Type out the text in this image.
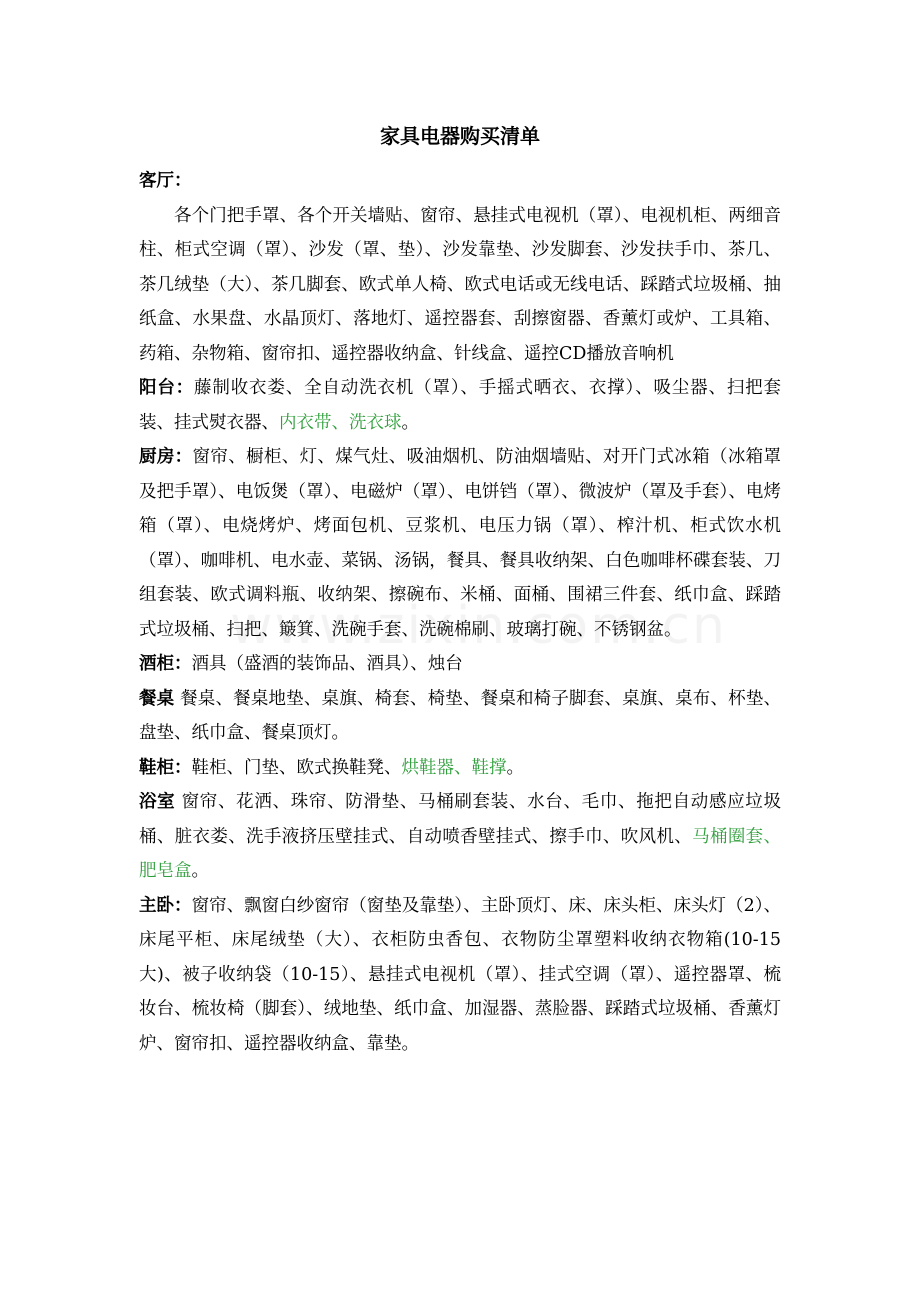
家具电器购买清单

客厅：

各个门把手罩、各个开关墙贴、窗帘、悬挂式电视机（罩）、电视机柜、两细音柱、柜式空调（罩）、沙发（罩、垫）、沙发靠垫、沙发脚套、沙发扶手巾、茶几、茶几绒垫（大）、茶几脚套、欧式单人椅、欧式电话或无线电话、踩踏式垃圾桶、抽纸盒、水果盘、水晶顶灯、落地灯、遥控器套、刮擦窗器、香薰灯或炉、工具箱、药箱、杂物箱、窗帘扣、遥控器收纳盒、针线盒、遥控CD播放音响机

阳台：藤制收衣娄、全自动洗衣机（罩）、手摇式晒衣、衣撑）、吸尘器、扫把套装、挂式熨衣器、内衣带、洗衣球。

厨房：窗帘、橱柜、灯、煤气灶、吸油烟机、防油烟墙贴、对开门式冰箱（冰箱罩及把手罩）、电饭煲（罩）、电磁炉（罩）、电饼铛（罩）、微波炉（罩及手套）、电烤箱（罩）、电烧烤炉、烤面包机、豆浆机、电压力锅（罩）、榨汁机、柜式饮水机（罩）、咖啡机、电水壶、菜锅、汤锅，餐具、餐具收纳架、白色咖啡杯碟套装、刀组套装、欧式调料瓶、收纳架、擦碗布、米桶、面桶、围裙三件套、纸巾盒、踩踏式垃圾桶、扫把、簸箕、洗碗手套、洗碗棉刷、玻璃打碗、不锈钢盆。

酒柜：酒具（盛酒的装饰品、酒具）、烛台

餐桌 餐桌、餐桌地垫、桌旗、椅套、椅垫、餐桌和椅子脚套、桌旗、桌布、杯垫、盘垫、纸巾盒、餐桌顶灯。

鞋柜：鞋柜、门垫、欧式换鞋凳、烘鞋器、鞋撑。

浴室 窗帘、花洒、珠帘、防滑垫、马桶刷套装、水台、毛巾、拖把自动感应垃圾桶、脏衣娄、洗手液挤压壁挂式、自动喷香壁挂式、擦手巾、吹风机、马桶圈套、肥皂盒。

主卧：窗帘、飘窗白纱窗帘（窗垫及靠垫）、主卧顶灯、床、床头柜、床头灯（2）、床尾平柜、床尾绒垫（大）、衣柜防虫香包、衣物防尘罩塑料收纳衣物箱(10-15大)、被子收纳袋（10-15）、悬挂式电视机（罩）、挂式空调（罩）、遥控器罩、梳妆台、梳妆椅（脚套）、绒地垫、纸巾盒、加湿器、蒸脸器、踩踏式垃圾桶、香薰灯炉、窗帘扣、遥控器收纳盒、靠垫。
